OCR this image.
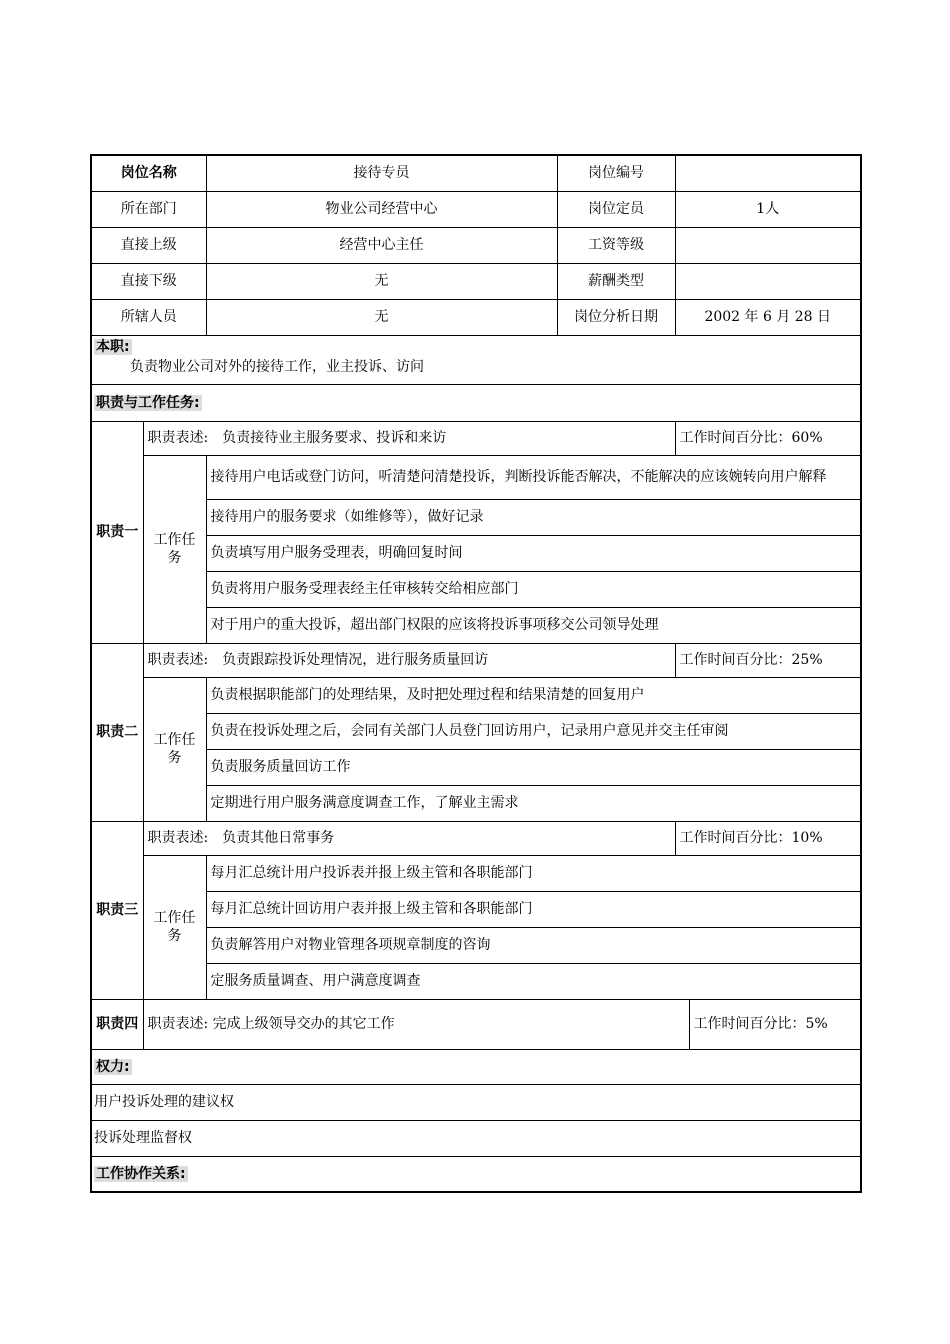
岗位名称		接待专员	岗位编号		
所在部门		物业公司经营中心	岗位定员	1人	
直接上级		经营中心主任	工资等级		
直接下级		无	薪酬类型		
所辖人员		无	岗位分析日期	2002 年 6 月 28 日	

本职:
负责物业公司对外的接待工作，业主投诉、访问					

职责与工作任务:					
职责一	职责表述:　负责接待业主服务要求、投诉和来访			工作时间百分比：60%	
	工作任务	接待用户电话或登门访问，听清楚问清楚投诉，判断投诉能否解决，不能解决的应该婉转向用户解释			
		接待用户的服务要求（如维修等），做好记录			
		负责填写用户服务受理表，明确回复时间			
		负责将用户服务受理表经主任审核转交给相应部门			
		对于用户的重大投诉，超出部门权限的应该将投诉事项移交公司领导处理			
职责二	职责表述:　负责跟踪投诉处理情况，进行服务质量回访			工作时间百分比：25%	
	工作任务	负责根据职能部门的处理结果，及时把处理过程和结果清楚的回复用户			
		负责在投诉处理之后，会同有关部门人员登门回访用户，记录用户意见并交主任审阅			
		负责服务质量回访工作			
		定期进行用户服务满意度调查工作，了解业主需求			
职责三	职责表述:　负责其他日常事务			工作时间百分比：10%	
	工作任务	每月汇总统计用户投诉表并报上级主管和各职能部门			
		每月汇总统计回访用户表并报上级主管和各职能部门			
		负责解答用户对物业管理各项规章制度的咨询			
		定服务质量调查、用户满意度调查			
职责四	职责表述: 完成上级领导交办的其它工作				工作时间百分比：5%
权力:					
用户投诉处理的建议权					
投诉处理监督权					
工作协作关系:					
